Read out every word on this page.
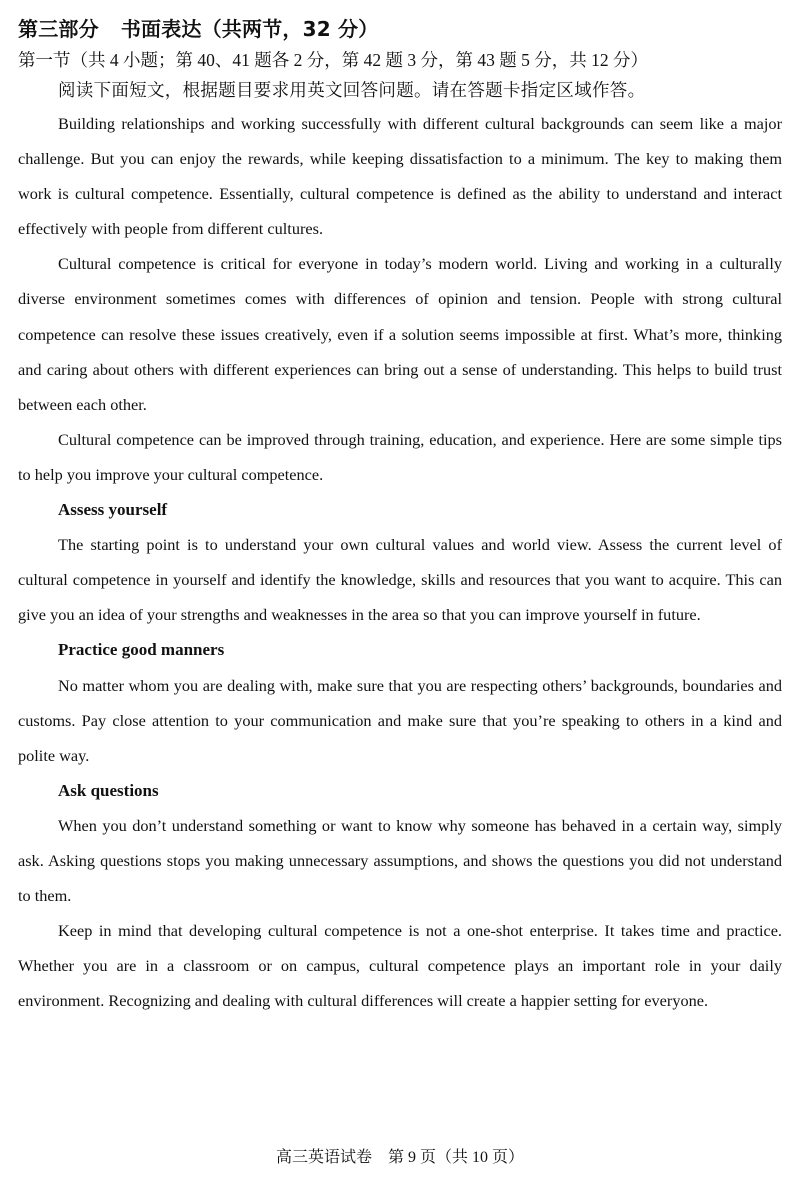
第三部分 书面表达（共两节，32 分）
第一节（共 4 小题；第 40、41 题各 2 分，第 42 题 3 分，第 43 题 5 分，共 12 分）
阅读下面短文，根据题目要求用英文回答问题。请在答题卡指定区域作答。

Building relationships and working successfully with different cultural backgrounds can seem like a major challenge. But you can enjoy the rewards, while keeping dissatisfaction to a minimum. The key to making them work is cultural competence. Essentially, cultural competence is defined as the ability to understand and interact effectively with people from different cultures.

Cultural competence is critical for everyone in today’s modern world. Living and working in a culturally diverse environment sometimes comes with differences of opinion and tension. People with strong cultural competence can resolve these issues creatively, even if a solution seems impossible at first. What’s more, thinking and caring about others with different experiences can bring out a sense of understanding. This helps to build trust between each other.

Cultural competence can be improved through training, education, and experience. Here are some simple tips to help you improve your cultural competence.

Assess yourself

The starting point is to understand your own cultural values and world view. Assess the current level of cultural competence in yourself and identify the knowledge, skills and resources that you want to acquire. This can give you an idea of your strengths and weaknesses in the area so that you can improve yourself in future.

Practice good manners

No matter whom you are dealing with, make sure that you are respecting others’ backgrounds, boundaries and customs. Pay close attention to your communication and make sure that you’re speaking to others in a kind and polite way.

Ask questions

When you don’t understand something or want to know why someone has behaved in a certain way, simply ask. Asking questions stops you making unnecessary assumptions, and shows the questions you did not understand to them.

Keep in mind that developing cultural competence is not a one-shot enterprise. It takes time and practice. Whether you are in a classroom or on campus, cultural competence plays an important role in your daily environment. Recognizing and dealing with cultural differences will create a happier setting for everyone.

高三英语试卷　第 9 页（共 10 页）
